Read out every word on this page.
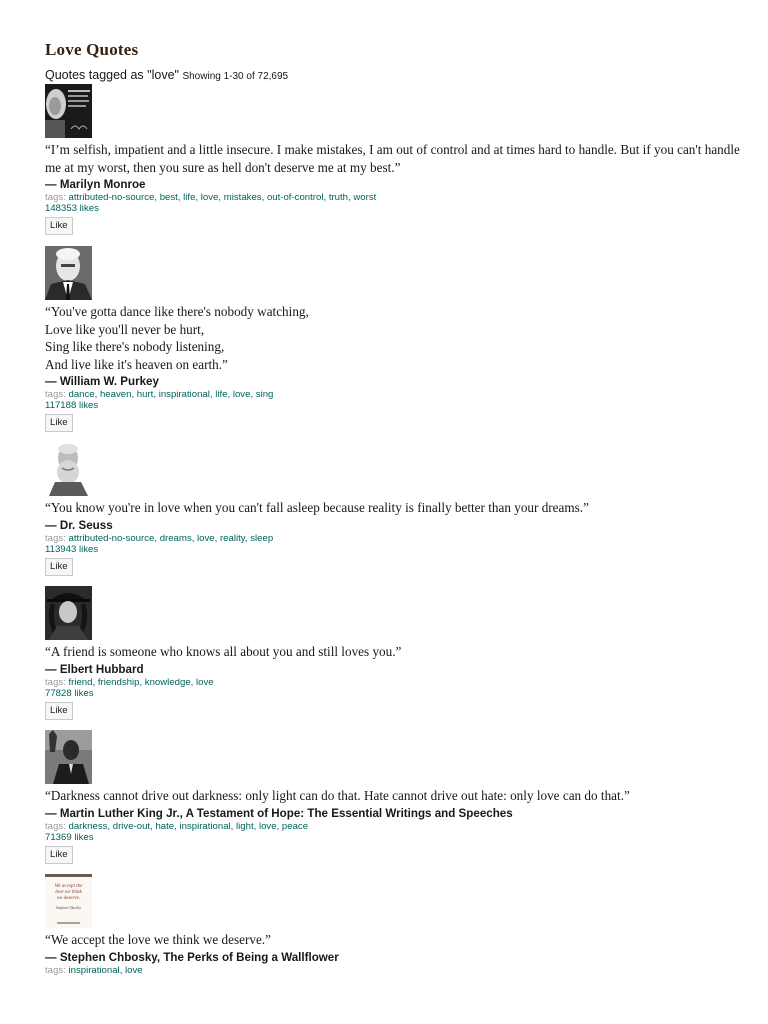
Love Quotes
Quotes tagged as "love" Showing 1-30 of 72,695
“I’m selfish, impatient and a little insecure. I make mistakes, I am out of control and at times hard to handle. But if you can't handle me at my worst, then you sure as hell don't deserve me at my best.”
― Marilyn Monroe
tags: attributed-no-source, best, life, love, mistakes, out-of-control, truth, worst
148353 likes
Like
“You've gotta dance like there's nobody watching,
Love like you'll never be hurt,
Sing like there's nobody listening,
And live like it's heaven on earth.”
― William W. Purkey
tags: dance, heaven, hurt, inspirational, life, love, sing
117188 likes
Like
“You know you're in love when you can't fall asleep because reality is finally better than your dreams.”
― Dr. Seuss
tags: attributed-no-source, dreams, love, reality, sleep
113943 likes
Like
“A friend is someone who knows all about you and still loves you.”
― Elbert Hubbard
tags: friend, friendship, knowledge, love
77828 likes
Like
“Darkness cannot drive out darkness: only light can do that. Hate cannot drive out hate: only love can do that.”
― Martin Luther King Jr., A Testament of Hope: The Essential Writings and Speeches
tags: darkness, drive-out, hate, inspirational, light, love, peace
71369 likes
Like
We accept the
love we think
we deserve.
Stephen Chbosky
“We accept the love we think we deserve.”
― Stephen Chbosky, The Perks of Being a Wallflower
tags: inspirational, love
